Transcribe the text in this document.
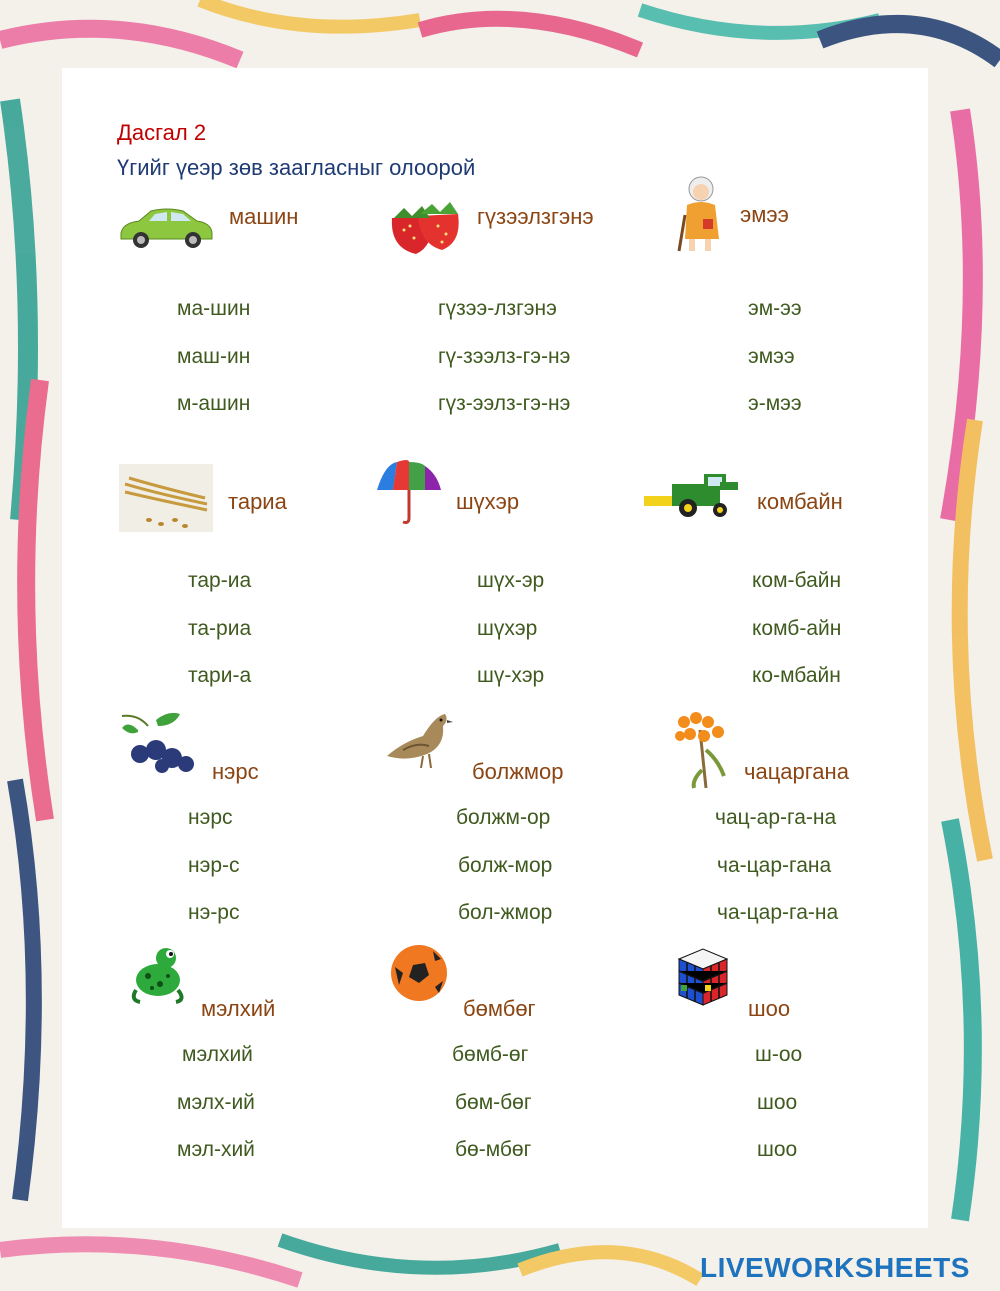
Дасгал 2
Үгийг үеэр зөв заагласныг олоорой
машин
ма-шин
маш-ин
м-ашин
гүзээлзгэнэ
гүзээ-лзгэнэ
гү-зээлз-гэ-нэ
гүз-ээлз-гэ-нэ
эмээ
эм-ээ
эмээ
э-мээ
тариа
тар-иа
та-риа
тари-а
шүхэр
шүх-эр
шүхэр
шү-хэр
комбайн
ком-байн
комб-айн
ко-мбайн
нэрс
нэрс
нэр-с
нэ-рс
болжмор
болжм-ор
болж-мор
бол-жмор
чацаргана
чац-ар-га-на
ча-цар-гана
ча-цар-га-на
мэлхий
мэлхий
мэлх-ий
мэл-хий
бөмбөг
бөмб-өг
бөм-бөг
бө-мбөг
шоо
ш-оо
шоо
шоо
LIVEWORKSHEETS
